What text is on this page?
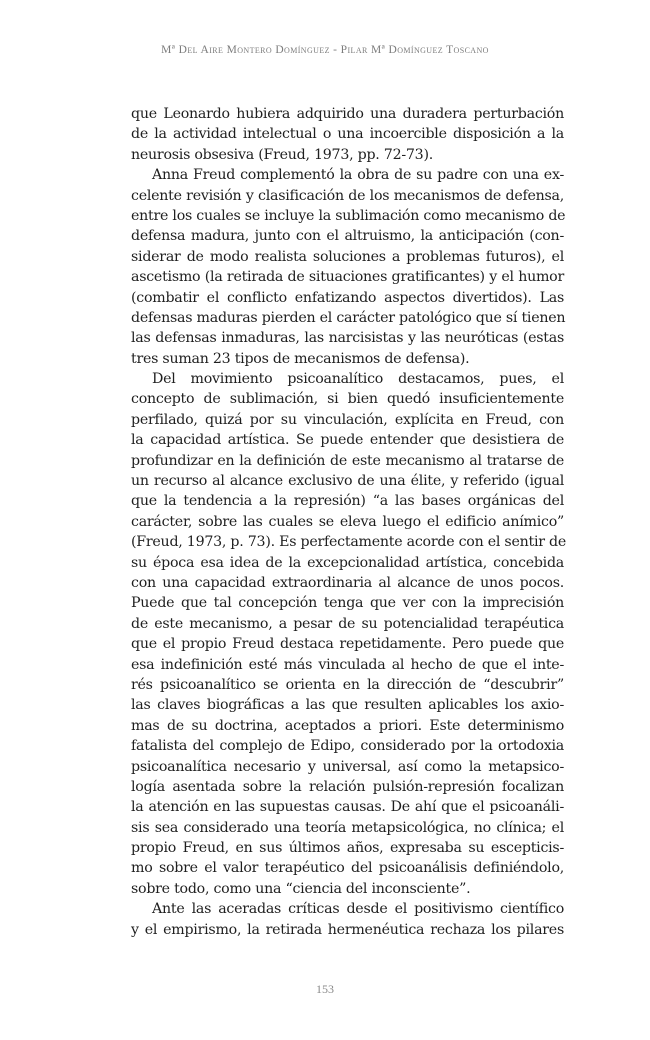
Mª Del Aire Montero Domínguez - Pilar Mª Domínguez Toscano
que Leonardo hubiera adquirido una duradera perturbación
de la actividad intelectual o una incoercible disposición a la
neurosis obsesiva (Freud, 1973, pp. 72-73).
Anna Freud complementó la obra de su padre con una ex-
celente revisión y clasificación de los mecanismos de defensa,
entre los cuales se incluye la sublimación como mecanismo de
defensa madura, junto con el altruismo, la anticipación (con-
siderar de modo realista soluciones a problemas futuros), el
ascetismo (la retirada de situaciones gratificantes) y el humor
(combatir el conflicto enfatizando aspectos divertidos). Las
defensas maduras pierden el carácter patológico que sí tienen
las defensas inmaduras, las narcisistas y las neuróticas (estas
tres suman 23 tipos de mecanismos de defensa).
Del movimiento psicoanalítico destacamos, pues, el
concepto de sublimación, si bien quedó insuficientemente
perfilado, quizá por su vinculación, explícita en Freud, con
la capacidad artística. Se puede entender que desistiera de
profundizar en la definición de este mecanismo al tratarse de
un recurso al alcance exclusivo de una élite, y referido (igual
que la tendencia a la represión) “a las bases orgánicas del
carácter, sobre las cuales se eleva luego el edificio anímico”
(Freud, 1973, p. 73). Es perfectamente acorde con el sentir de
su época esa idea de la excepcionalidad artística, concebida
con una capacidad extraordinaria al alcance de unos pocos.
Puede que tal concepción tenga que ver con la imprecisión
de este mecanismo, a pesar de su potencialidad terapéutica
que el propio Freud destaca repetidamente. Pero puede que
esa indefinición esté más vinculada al hecho de que el inte-
rés psicoanalítico se orienta en la dirección de “descubrir”
las claves biográficas a las que resulten aplicables los axio-
mas de su doctrina, aceptados a priori. Este determinismo
fatalista del complejo de Edipo, considerado por la ortodoxia
psicoanalítica necesario y universal, así como la metapsico-
logía asentada sobre la relación pulsión-represión focalizan
la atención en las supuestas causas. De ahí que el psicoanáli-
sis sea considerado una teoría metapsicológica, no clínica; el
propio Freud, en sus últimos años, expresaba su escepticis-
mo sobre el valor terapéutico del psicoanálisis definiéndolo,
sobre todo, como una “ciencia del inconsciente”.
Ante las aceradas críticas desde el positivismo científico
y el empirismo, la retirada hermenéutica rechaza los pilares
153
